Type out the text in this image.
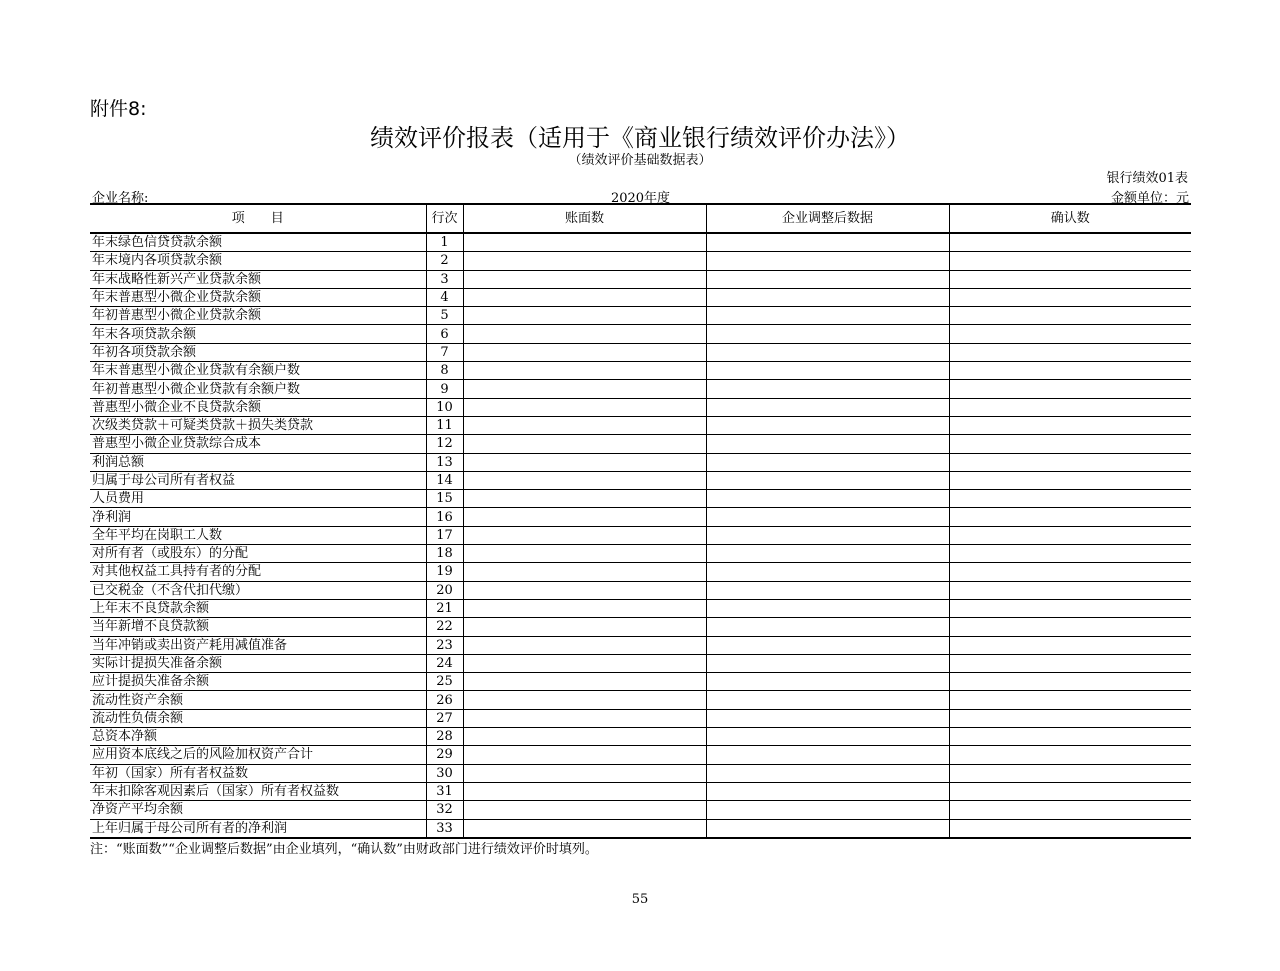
附件8:
绩效评价报表（适用于《商业银行绩效评价办法》）
（绩效评价基础数据表）
银行绩效01表
企业名称:	2020年度	金额单位：元
项　　目	行次	账面数	企业调整后数据	确认数
年末绿色信贷贷款余额	1			
年末境内各项贷款余额	2			
年末战略性新兴产业贷款余额	3			
年末普惠型小微企业贷款余额	4			
年初普惠型小微企业贷款余额	5			
年末各项贷款余额	6			
年初各项贷款余额	7			
年末普惠型小微企业贷款有余额户数	8			
年初普惠型小微企业贷款有余额户数	9			
普惠型小微企业不良贷款余额	10			
次级类贷款＋可疑类贷款＋损失类贷款	11			
普惠型小微企业贷款综合成本	12			
利润总额	13			
归属于母公司所有者权益	14			
人员费用	15			
净利润	16			
全年平均在岗职工人数	17			
对所有者（或股东）的分配	18			
对其他权益工具持有者的分配	19			
已交税金（不含代扣代缴）	20			
上年末不良贷款余额	21			
当年新增不良贷款额	22			
当年冲销或卖出资产耗用减值准备	23			
实际计提损失准备余额	24			
应计提损失准备余额	25			
流动性资产余额	26			
流动性负债余额	27			
总资本净额	28			
应用资本底线之后的风险加权资产合计	29			
年初（国家）所有者权益数	30			
年末扣除客观因素后（国家）所有者权益数	31			
净资产平均余额	32			
上年归属于母公司所有者的净利润	33			
注：“账面数”“企业调整后数据”由企业填列，“确认数”由财政部门进行绩效评价时填列。
55
